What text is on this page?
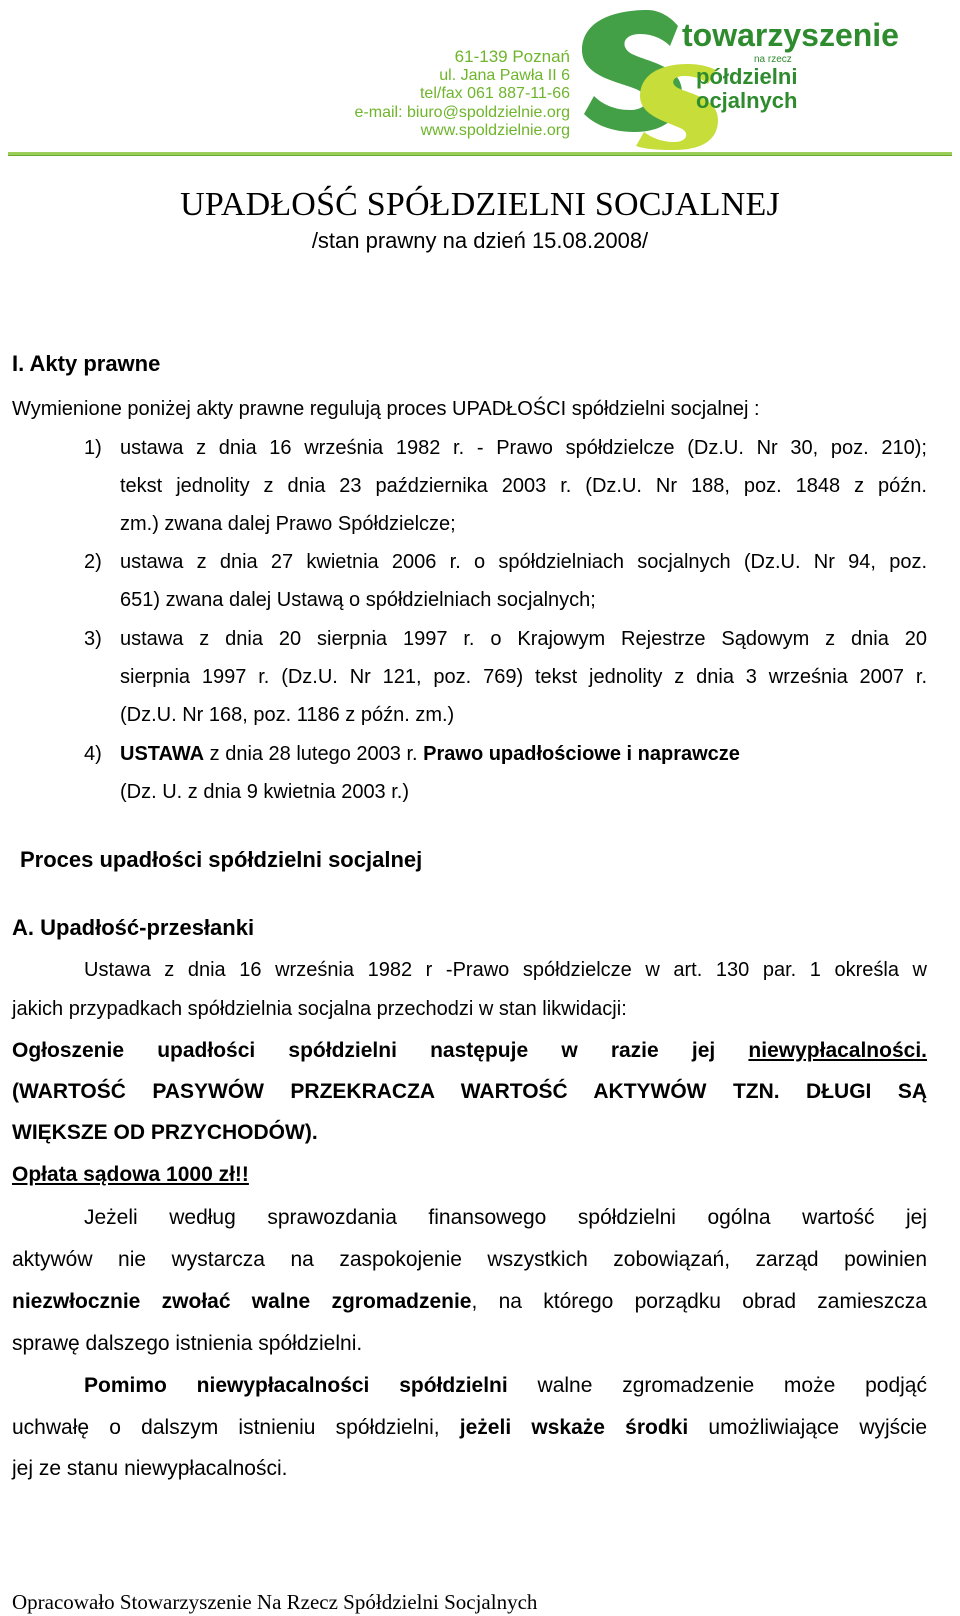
61-139 Poznań
ul. Jana Pawła II 6
tel/fax 061 887-11-66
e-mail: biuro@spoldzielnie.org
www.spoldzielnie.org
towarzyszenie
na rzecz
półdzielni
ocjalnych
UPADŁOŚĆ SPÓŁDZIELNI SOCJALNEJ
/stan prawny na dzień 15.08.2008/
I. Akty prawne
Wymienione poniżej akty prawne regulują proces UPADŁOŚCI spółdzielni socjalnej :
1) ustawa z dnia 16 września 1982 r. - Prawo spółdzielcze (Dz.U. Nr 30, poz. 210);
tekst jednolity z dnia 23 października 2003 r. (Dz.U. Nr 188, poz. 1848 z późn.
zm.) zwana dalej Prawo Spółdzielcze;
2) ustawa z dnia 27 kwietnia 2006 r. o spółdzielniach socjalnych (Dz.U. Nr 94, poz.
651) zwana dalej Ustawą o spółdzielniach socjalnych;
3) ustawa z dnia 20 sierpnia 1997 r. o Krajowym Rejestrze Sądowym z dnia 20
sierpnia 1997 r. (Dz.U. Nr 121, poz. 769) tekst jednolity z dnia 3 września 2007 r.
(Dz.U. Nr 168, poz. 1186 z późn. zm.)
4) USTAWA z dnia 28 lutego 2003 r. Prawo upadłościowe i naprawcze
(Dz. U. z dnia 9 kwietnia 2003 r.)
Proces upadłości spółdzielni socjalnej
A. Upadłość-przesłanki
Ustawa z dnia 16 września 1982 r -Prawo spółdzielcze w art. 130 par. 1 określa w
jakich przypadkach spółdzielnia socjalna przechodzi w stan likwidacji:
Ogłoszenie upadłości spółdzielni następuje w razie jej niewypłacalności.
(WARTOŚĆ PASYWÓW PRZEKRACZA WARTOŚĆ AKTYWÓW TZN. DŁUGI SĄ
WIĘKSZE OD PRZYCHODÓW).
Opłata sądowa 1000 zł!!
Jeżeli według sprawozdania finansowego spółdzielni ogólna wartość jej
aktywów nie wystarcza na zaspokojenie wszystkich zobowiązań, zarząd powinien
niezwłocznie zwołać walne zgromadzenie, na którego porządku obrad zamieszcza
sprawę dalszego istnienia spółdzielni.
Pomimo niewypłacalności spółdzielni walne zgromadzenie może podjąć
uchwałę o dalszym istnieniu spółdzielni, jeżeli wskaże środki umożliwiające wyjście
jej ze stanu niewypłacalności.
Opracowało Stowarzyszenie Na Rzecz Spółdzielni Socjalnych
